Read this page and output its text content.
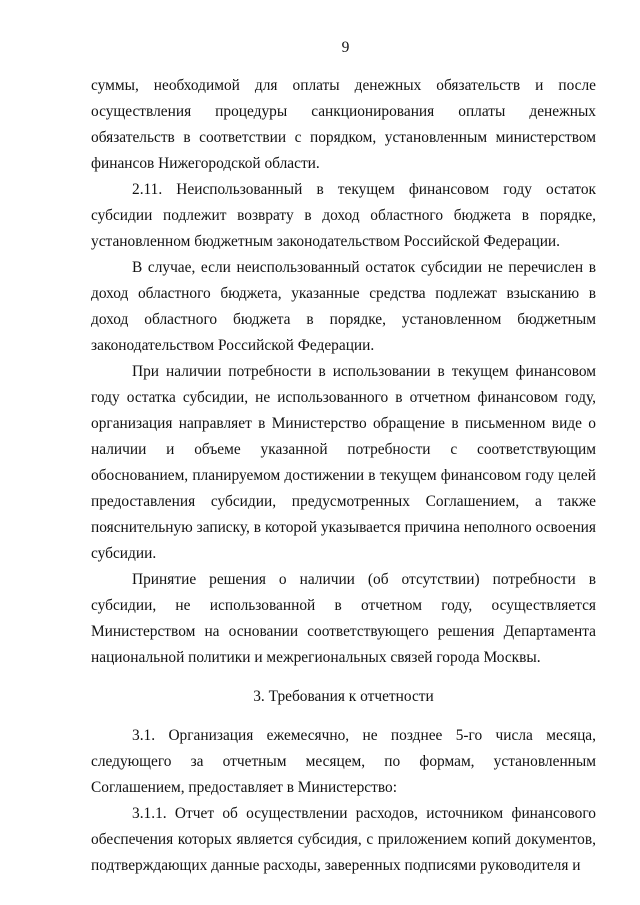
9

суммы, необходимой для оплаты денежных обязательств и после осуществления процедуры санкционирования оплаты денежных обязательств в соответствии с порядком, установленным министерством финансов Нижегородской области.

2.11. Неиспользованный в текущем финансовом году остаток субсидии подлежит возврату в доход областного бюджета в порядке, установленном бюджетным законодательством Российской Федерации.

В случае, если неиспользованный остаток субсидии не перечислен в доход областного бюджета, указанные средства подлежат взысканию в доход областного бюджета в порядке, установленном бюджетным законодательством Российской Федерации.

При наличии потребности в использовании в текущем финансовом году остатка субсидии, не использованного в отчетном финансовом году, организация направляет в Министерство обращение в письменном виде о наличии и объеме указанной потребности с соответствующим обоснованием, планируемом достижении в текущем финансовом году целей предоставления субсидии, предусмотренных Соглашением, а также пояснительную записку, в которой указывается причина неполного освоения субсидии.

Принятие решения о наличии (об отсутствии) потребности в субсидии, не использованной в отчетном году, осуществляется Министерством на основании соответствующего решения Департамента национальной политики и межрегиональных связей города Москвы.

3. Требования к отчетности

3.1. Организация ежемесячно, не позднее 5-го числа месяца, следующего за отчетным месяцем, по формам, установленным Соглашением, предоставляет в Министерство:

3.1.1. Отчет об осуществлении расходов, источником финансового обеспечения которых является субсидия, с приложением копий документов, подтверждающих данные расходы, заверенных подписями руководителя и
